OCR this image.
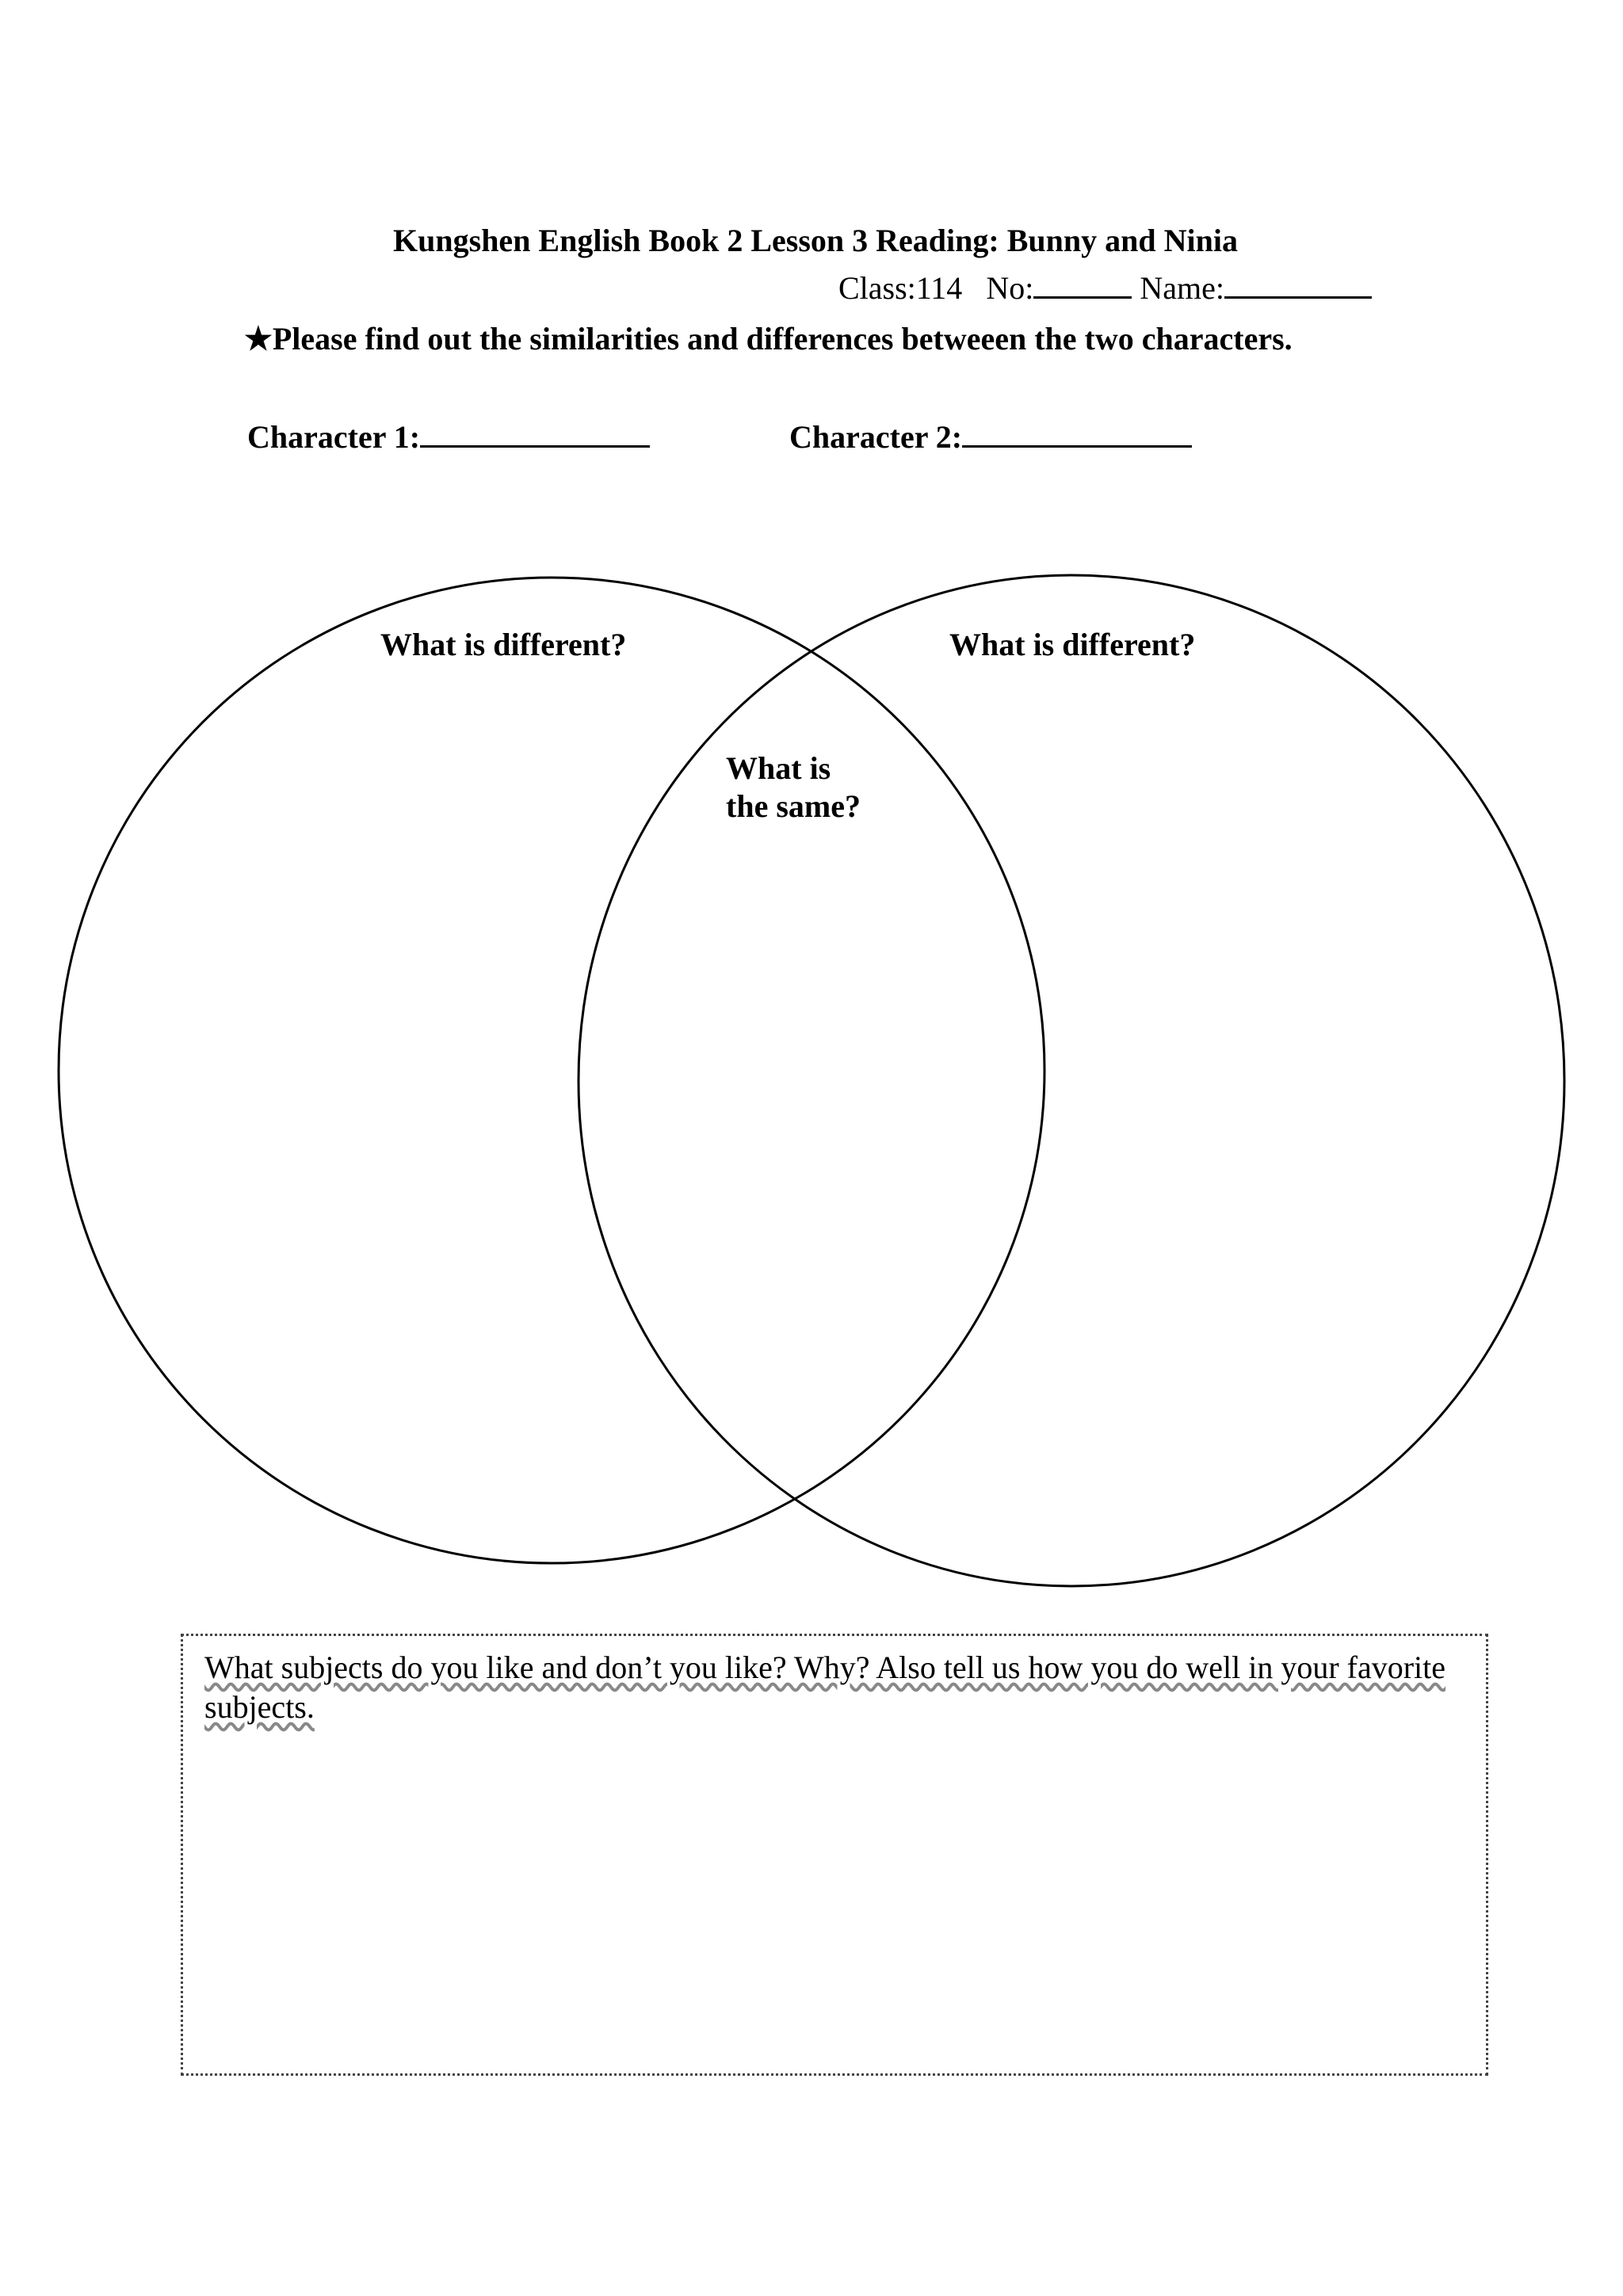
Kungshen English Book 2 Lesson 3 Reading: Bunny and Ninia
Class:114 No:	Name:
★Please find out the similarities and differences betweeen the two characters.
Character 1:	Character 2:
What is different?	What is different?
What is
the same?
What subjects do you like and don’t you like? Why? Also tell us how you do well in your favorite subjects.
